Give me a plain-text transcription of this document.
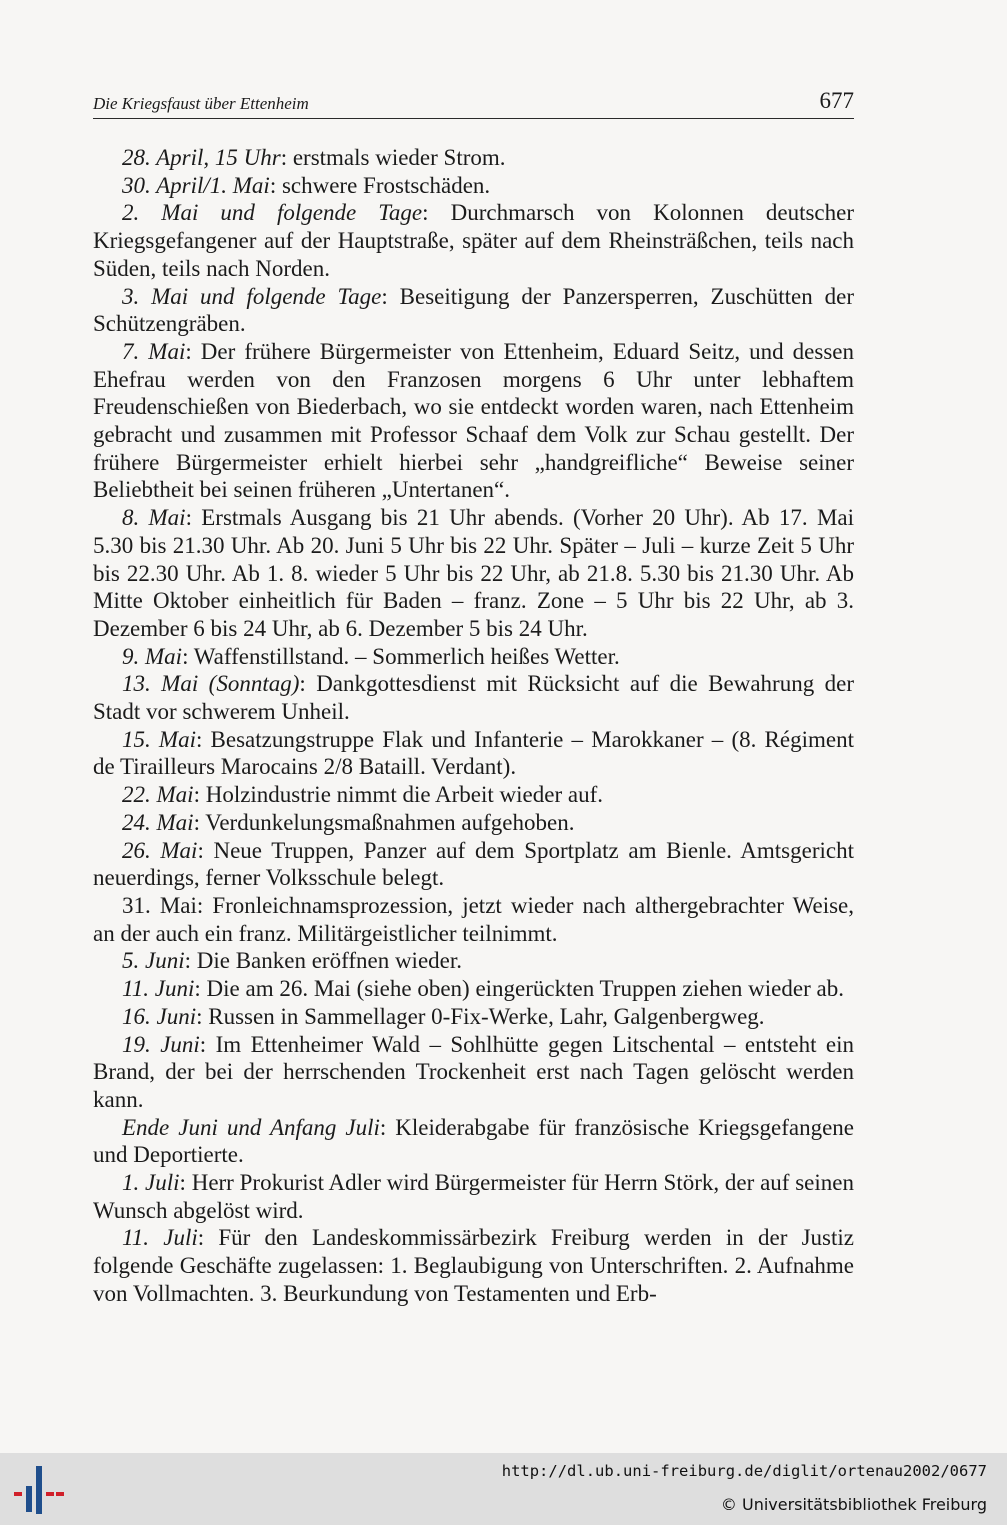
Die Kriegsfaust über Ettenheim	677

28. April, 15 Uhr: erstmals wieder Strom.

30. April/1. Mai: schwere Frostschäden.

2. Mai und folgende Tage: Durchmarsch von Kolonnen deutscher Kriegsgefangener auf der Hauptstraße, später auf dem Rheinsträßchen, teils nach Süden, teils nach Norden.

3. Mai und folgende Tage: Beseitigung der Panzersperren, Zuschütten der Schützengräben.

7. Mai: Der frühere Bürgermeister von Ettenheim, Eduard Seitz, und dessen Ehefrau werden von den Franzosen morgens 6 Uhr unter lebhaftem Freudenschießen von Biederbach, wo sie entdeckt worden waren, nach Ettenheim gebracht und zusammen mit Professor Schaaf dem Volk zur Schau gestellt. Der frühere Bürgermeister erhielt hierbei sehr „handgreifliche“ Beweise seiner Beliebtheit bei seinen früheren „Untertanen“.

8. Mai: Erstmals Ausgang bis 21 Uhr abends. (Vorher 20 Uhr). Ab 17. Mai 5.30 bis 21.30 Uhr. Ab 20. Juni 5 Uhr bis 22 Uhr. Später – Juli – kurze Zeit 5 Uhr bis 22.30 Uhr. Ab 1. 8. wieder 5 Uhr bis 22 Uhr, ab 21.8. 5.30 bis 21.30 Uhr. Ab Mitte Oktober einheitlich für Baden – franz. Zone – 5 Uhr bis 22 Uhr, ab 3. Dezember 6 bis 24 Uhr, ab 6. Dezember 5 bis 24 Uhr.

9. Mai: Waffenstillstand. – Sommerlich heißes Wetter.

13. Mai (Sonntag): Dankgottesdienst mit Rücksicht auf die Bewahrung der Stadt vor schwerem Unheil.

15. Mai: Besatzungstruppe Flak und Infanterie – Marokkaner – (8. Régiment de Tirailleurs Marocains 2/8 Bataill. Verdant).

22. Mai: Holzindustrie nimmt die Arbeit wieder auf.

24. Mai: Verdunkelungsmaßnahmen aufgehoben.

26. Mai: Neue Truppen, Panzer auf dem Sportplatz am Bienle. Amtsgericht neuerdings, ferner Volksschule belegt.

31. Mai: Fronleichnamsprozession, jetzt wieder nach althergebrachter Weise, an der auch ein franz. Militärgeistlicher teilnimmt.

5. Juni: Die Banken eröffnen wieder.

11. Juni: Die am 26. Mai (siehe oben) eingerückten Truppen ziehen wieder ab.

16. Juni: Russen in Sammellager 0-Fix-Werke, Lahr, Galgenbergweg.

19. Juni: Im Ettenheimer Wald – Sohlhütte gegen Litschental – entsteht ein Brand, der bei der herrschenden Trockenheit erst nach Tagen gelöscht werden kann.

Ende Juni und Anfang Juli: Kleiderabgabe für französische Kriegsgefangene und Deportierte.

1. Juli: Herr Prokurist Adler wird Bürgermeister für Herrn Störk, der auf seinen Wunsch abgelöst wird.

11. Juli: Für den Landeskommissärbezirk Freiburg werden in der Justiz folgende Geschäfte zugelassen: 1. Beglaubigung von Unterschriften. 2. Aufnahme von Vollmachten. 3. Beurkundung von Testamenten und Erb-

http://dl.ub.uni-freiburg.de/diglit/ortenau2002/0677
© Universitätsbibliothek Freiburg
